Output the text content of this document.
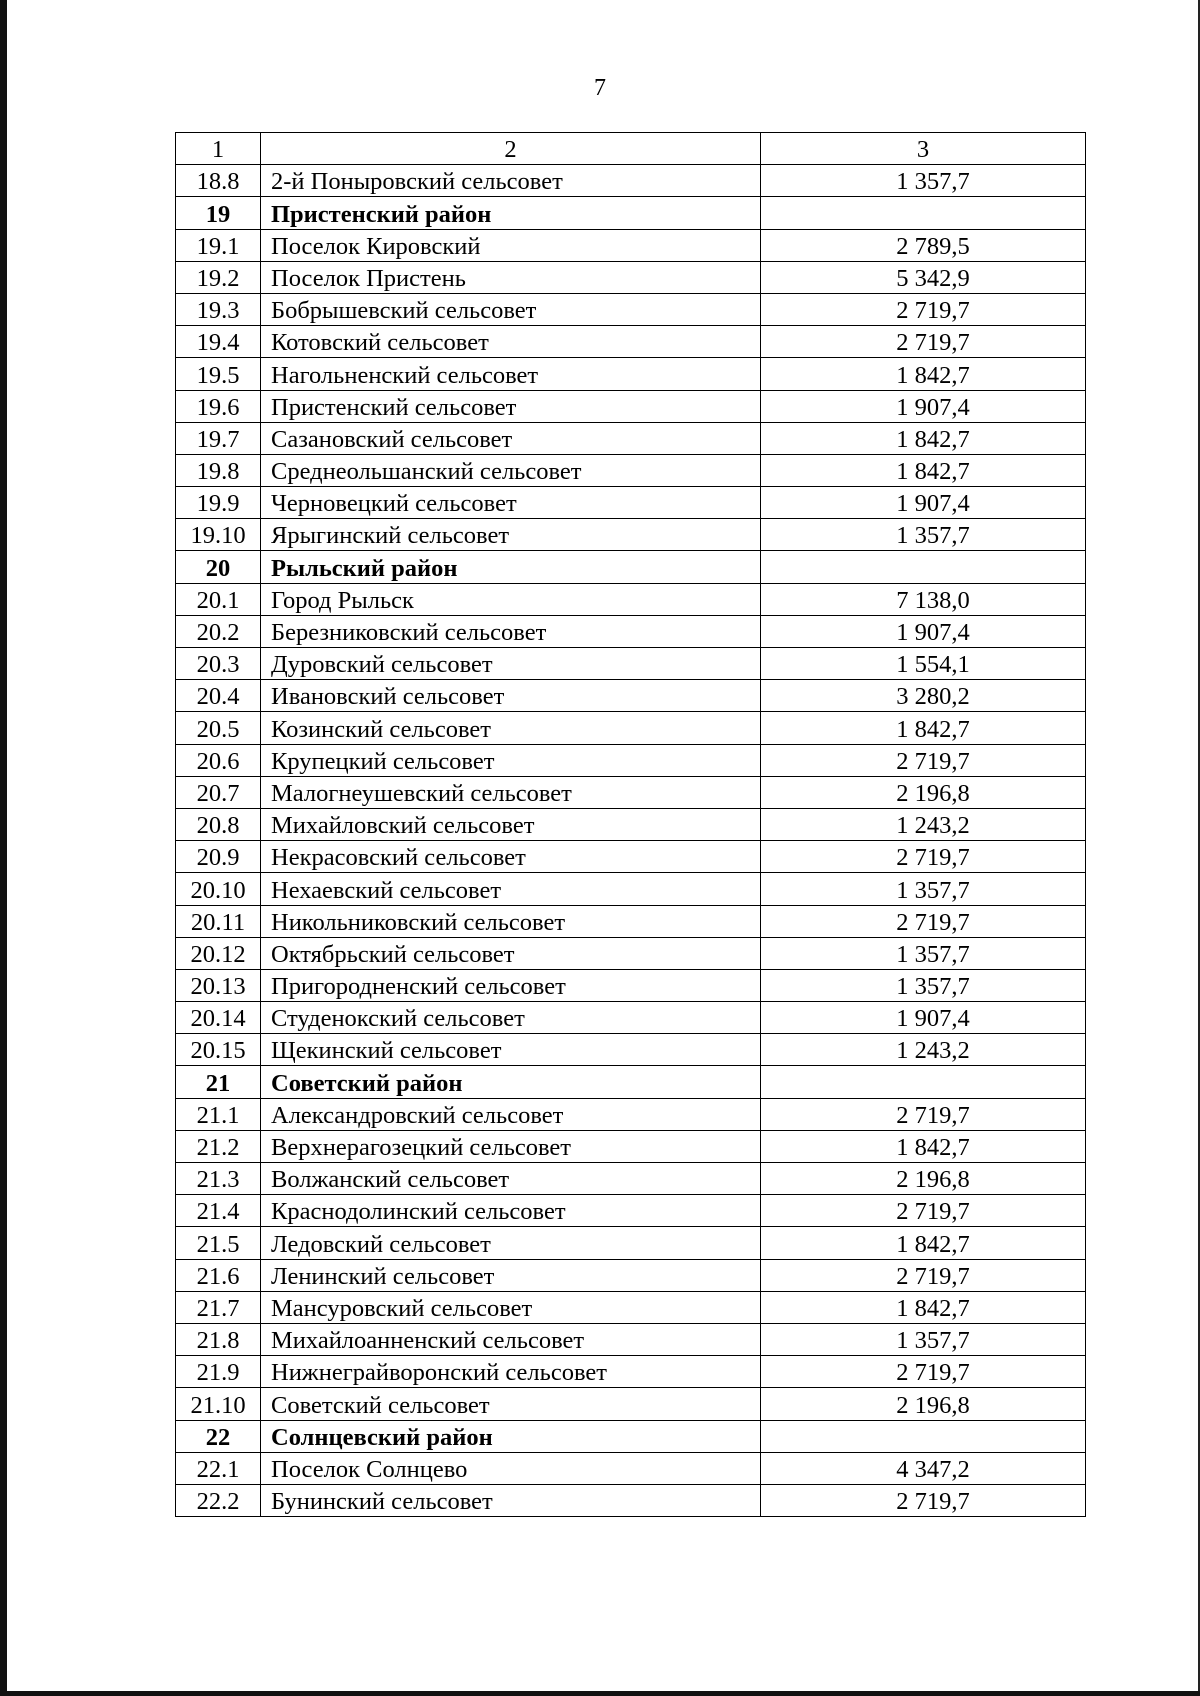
7
1	2	3
18.8	2-й Поныровский сельсовет	1 357,7
19	Пристенский район	
19.1	Поселок Кировский	2 789,5
19.2	Поселок Пристень	5 342,9
19.3	Бобрышевский сельсовет	2 719,7
19.4	Котовский сельсовет	2 719,7
19.5	Нагольненский сельсовет	1 842,7
19.6	Пристенский сельсовет	1 907,4
19.7	Сазановский сельсовет	1 842,7
19.8	Среднеольшанский сельсовет	1 842,7
19.9	Черновецкий сельсовет	1 907,4
19.10	Ярыгинский сельсовет	1 357,7
20	Рыльский район	
20.1	Город Рыльск	7 138,0
20.2	Березниковский сельсовет	1 907,4
20.3	Дуровский сельсовет	1 554,1
20.4	Ивановский сельсовет	3 280,2
20.5	Козинский сельсовет	1 842,7
20.6	Крупецкий сельсовет	2 719,7
20.7	Малогнеушевский сельсовет	2 196,8
20.8	Михайловский сельсовет	1 243,2
20.9	Некрасовский сельсовет	2 719,7
20.10	Нехаевский сельсовет	1 357,7
20.11	Никольниковский сельсовет	2 719,7
20.12	Октябрьский сельсовет	1 357,7
20.13	Пригородненский сельсовет	1 357,7
20.14	Студенокский сельсовет	1 907,4
20.15	Щекинский сельсовет	1 243,2
21	Советский район	
21.1	Александровский сельсовет	2 719,7
21.2	Верхнерагозецкий сельсовет	1 842,7
21.3	Волжанский сельсовет	2 196,8
21.4	Краснодолинский сельсовет	2 719,7
21.5	Ледовский сельсовет	1 842,7
21.6	Ленинский сельсовет	2 719,7
21.7	Мансуровский сельсовет	1 842,7
21.8	Михайлоанненский сельсовет	1 357,7
21.9	Нижнеграйворонский сельсовет	2 719,7
21.10	Советский сельсовет	2 196,8
22	Солнцевский район	
22.1	Поселок Солнцево	4 347,2
22.2	Бунинский сельсовет	2 719,7
